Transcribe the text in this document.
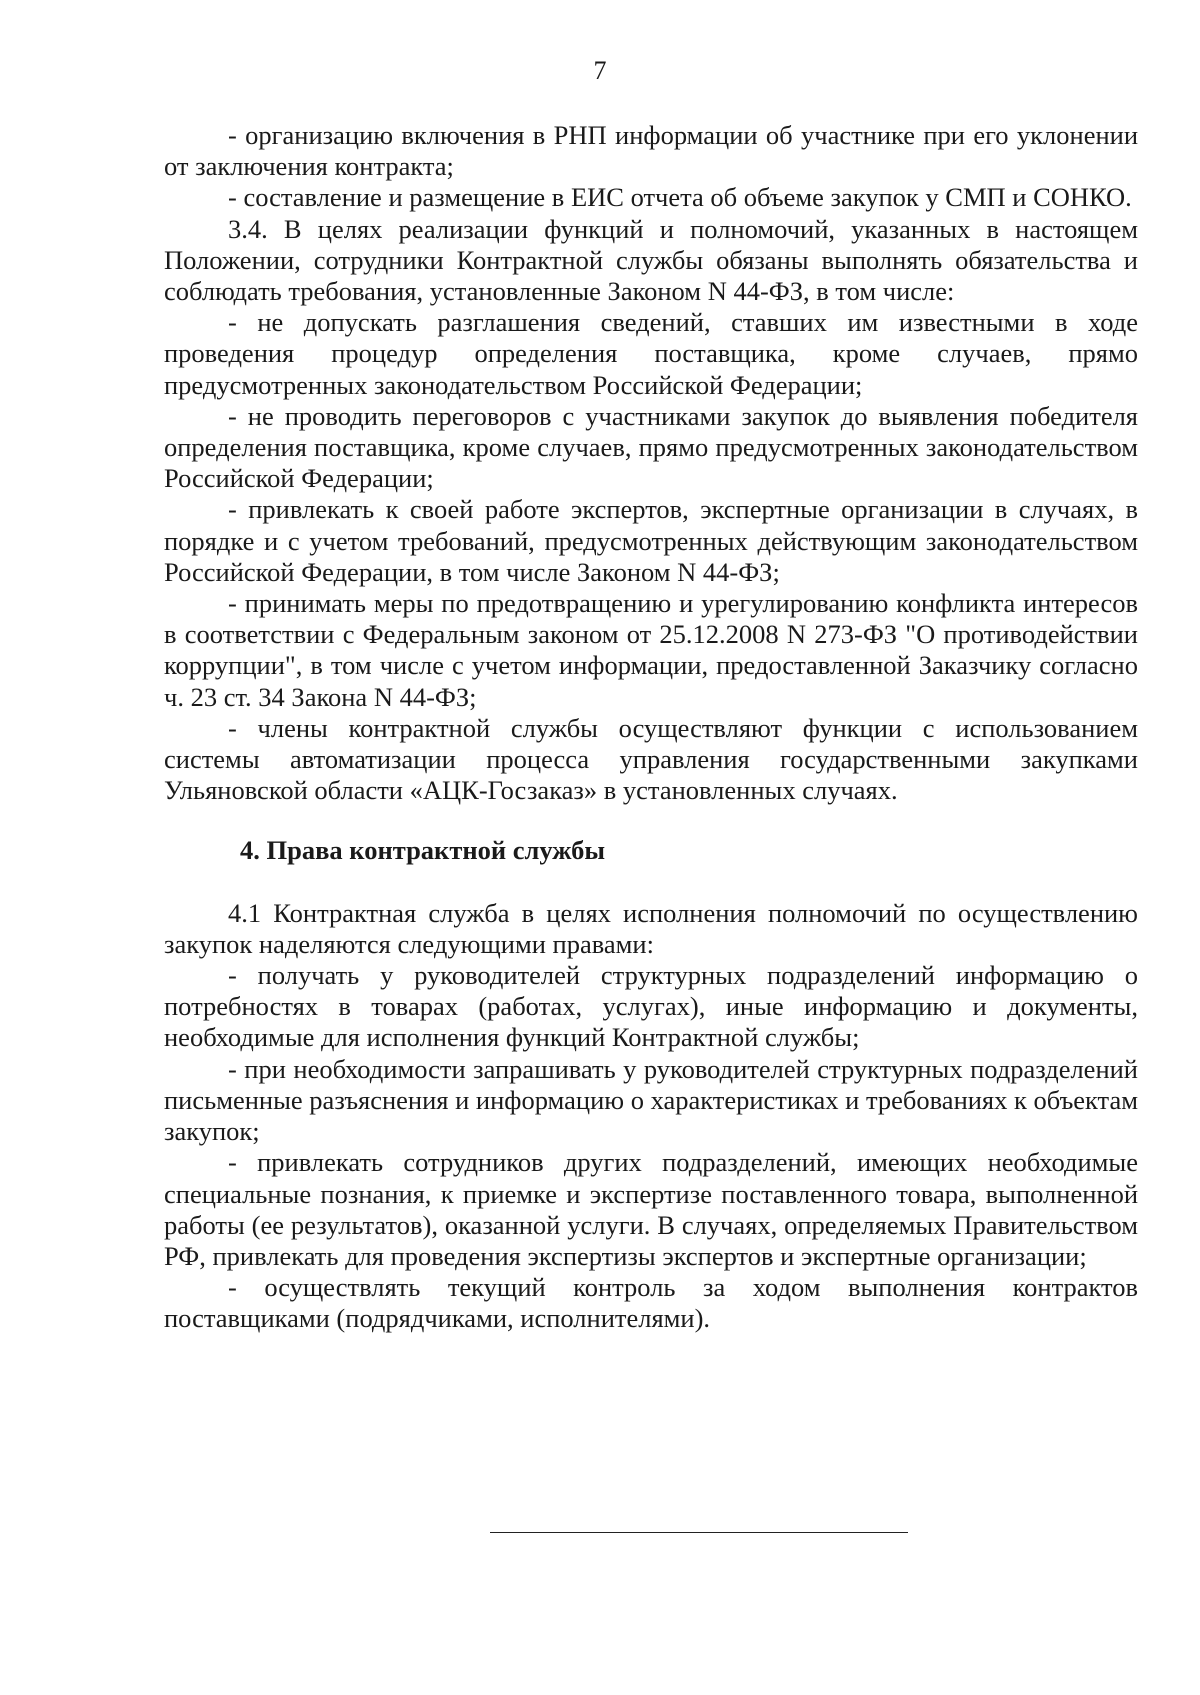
7

- организацию включения в РНП информации об участнике при его уклонении от заключения контракта;

- составление и размещение в ЕИС отчета об объеме закупок у СМП и СОНКО.

3.4. В целях реализации функций и полномочий, указанных в настоящем Положении, сотрудники Контрактной службы обязаны выполнять обязательства и соблюдать требования, установленные Законом N 44-ФЗ, в том числе:

- не допускать разглашения сведений, ставших им известными в ходе проведения процедур определения поставщика, кроме случаев, прямо предусмотренных законодательством Российской Федерации;

- не проводить переговоров с участниками закупок до выявления победителя определения поставщика, кроме случаев, прямо предусмотренных законодательством Российской Федерации;

- привлекать к своей работе экспертов, экспертные организации в случаях, в порядке и с учетом требований, предусмотренных действующим законодательством Российской Федерации, в том числе Законом N 44-ФЗ;

- принимать меры по предотвращению и урегулированию конфликта интересов в соответствии с Федеральным законом от 25.12.2008 N 273-ФЗ "О противодействии коррупции", в том числе с учетом информации, предоставленной Заказчику согласно ч. 23 ст. 34 Закона N 44-ФЗ;

- члены контрактной службы осуществляют функции с использованием системы автоматизации процесса управления государственными закупками Ульяновской области «АЦК-Госзаказ» в установленных случаях.

4. Права контрактной службы

4.1 Контрактная служба в целях исполнения полномочий по осуществлению закупок наделяются следующими правами:

- получать у руководителей структурных подразделений информацию о потребностях в товарах (работах, услугах), иные информацию и документы, необходимые для исполнения функций Контрактной службы;

- при необходимости запрашивать у руководителей структурных подразделений письменные разъяснения и информацию о характеристиках и требованиях к объектам закупок;

- привлекать сотрудников других подразделений, имеющих необходимые специальные познания, к приемке и экспертизе поставленного товара, выполненной работы (ее результатов), оказанной услуги. В случаях, определяемых Правительством РФ, привлекать для проведения экспертизы экспертов и экспертные организации;

- осуществлять текущий контроль за ходом выполнения контрактов поставщиками (подрядчиками, исполнителями).
